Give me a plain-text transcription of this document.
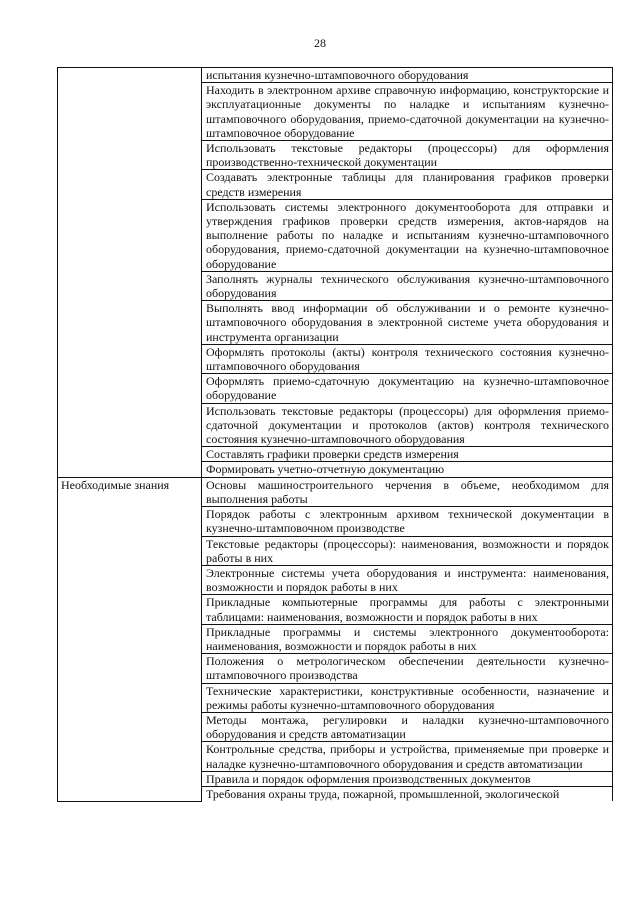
28
	испытания кузнечно-штамповочного оборудования
	Находить в электронном архиве справочную информацию, конструкторские и эксплуатационные документы по наладке и испытаниям кузнечно-штамповочного оборудования, приемо-сдаточной документации на кузнечно-штамповочное оборудование
	Использовать текстовые редакторы (процессоры) для оформления производственно-технической документации
	Создавать электронные таблицы для планирования графиков проверки средств измерения
	Использовать системы электронного документооборота для отправки и утверждения графиков проверки средств измерения, актов-нарядов на выполнение работы по наладке и испытаниям кузнечно-штамповочного оборудования, приемо-сдаточной документации на кузнечно-штамповочное оборудование
	Заполнять журналы технического обслуживания кузнечно-штамповочного оборудования
	Выполнять ввод информации об обслуживании и о ремонте кузнечно-штамповочного оборудования в электронной системе учета оборудования и инструмента организации
	Оформлять протоколы (акты) контроля технического состояния кузнечно-штамповочного оборудования
	Оформлять приемо-сдаточную документацию на кузнечно-штамповочное оборудование
	Использовать текстовые редакторы (процессоры) для оформления приемо-сдаточной документации и протоколов (актов) контроля технического состояния кузнечно-штамповочного оборудования
	Составлять графики проверки средств измерения
	Формировать учетно-отчетную документацию
Необходимые знания	Основы машиностроительного черчения в объеме, необходимом для выполнения работы
	Порядок работы с электронным архивом технической документации в кузнечно-штамповочном производстве
	Текстовые редакторы (процессоры): наименования, возможности и порядок работы в них
	Электронные системы учета оборудования и инструмента: наименования, возможности и порядок работы в них
	Прикладные компьютерные программы для работы с электронными таблицами: наименования, возможности и порядок работы в них
	Прикладные программы и системы электронного документооборота: наименования, возможности и порядок работы в них
	Положения о метрологическом обеспечении деятельности кузнечно-штамповочного производства
	Технические характеристики, конструктивные особенности, назначение и режимы работы кузнечно-штамповочного оборудования
	Методы монтажа, регулировки и наладки кузнечно-штамповочного оборудования и средств автоматизации
	Контрольные средства, приборы и устройства, применяемые при проверке и наладке кузнечно-штамповочного оборудования и средств автоматизации
	Правила и порядок оформления производственных документов
	Требования охраны труда, пожарной, промышленной, экологической
